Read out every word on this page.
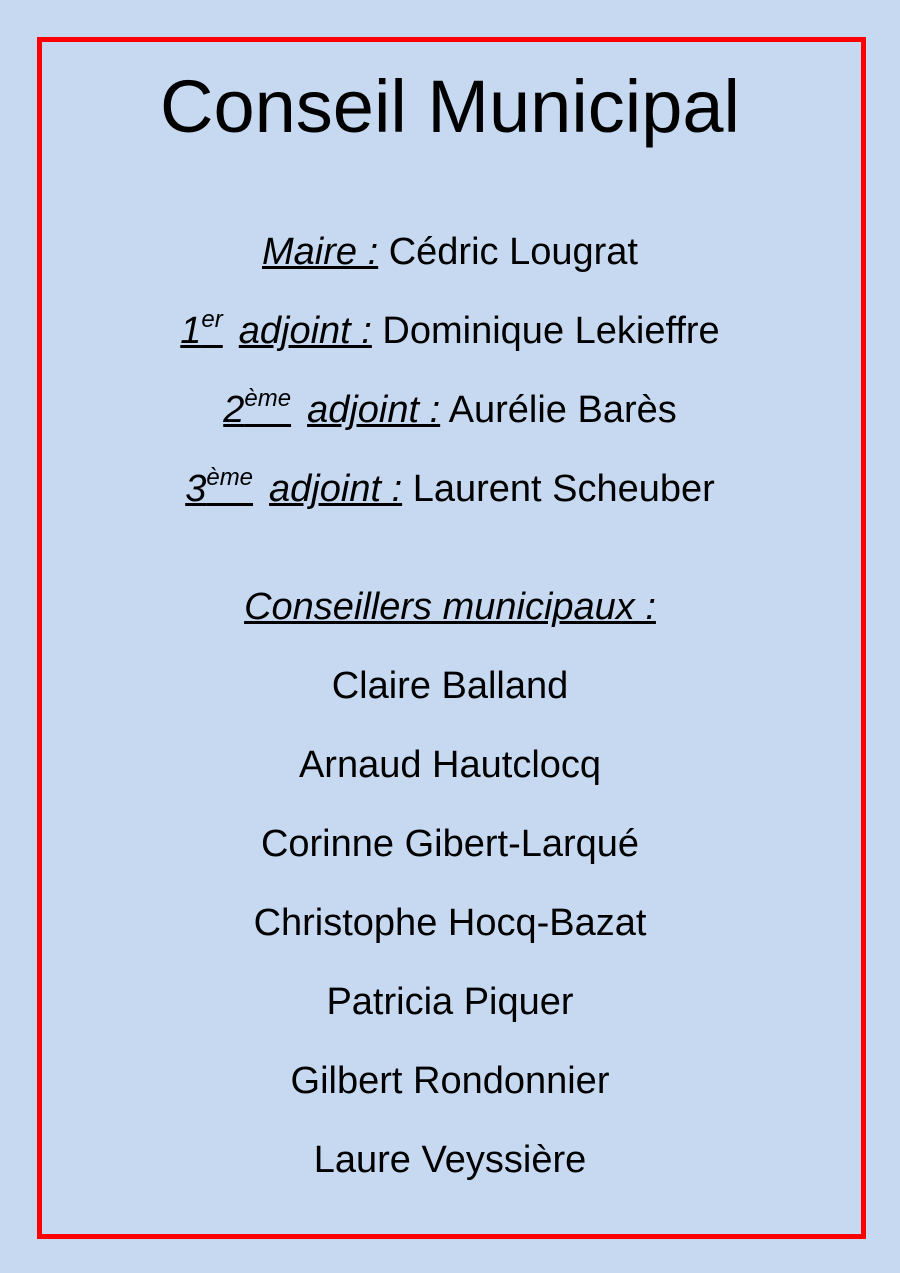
Conseil Municipal
Maire : Cédric Lougrat
1er adjoint : Dominique Lekieffre
2ème adjoint : Aurélie Barès
3ème adjoint : Laurent Scheuber
Conseillers municipaux :
Claire Balland
Arnaud Hautclocq
Corinne Gibert-Larqué
Christophe Hocq-Bazat
Patricia Piquer
Gilbert Rondonnier
Laure Veyssière
